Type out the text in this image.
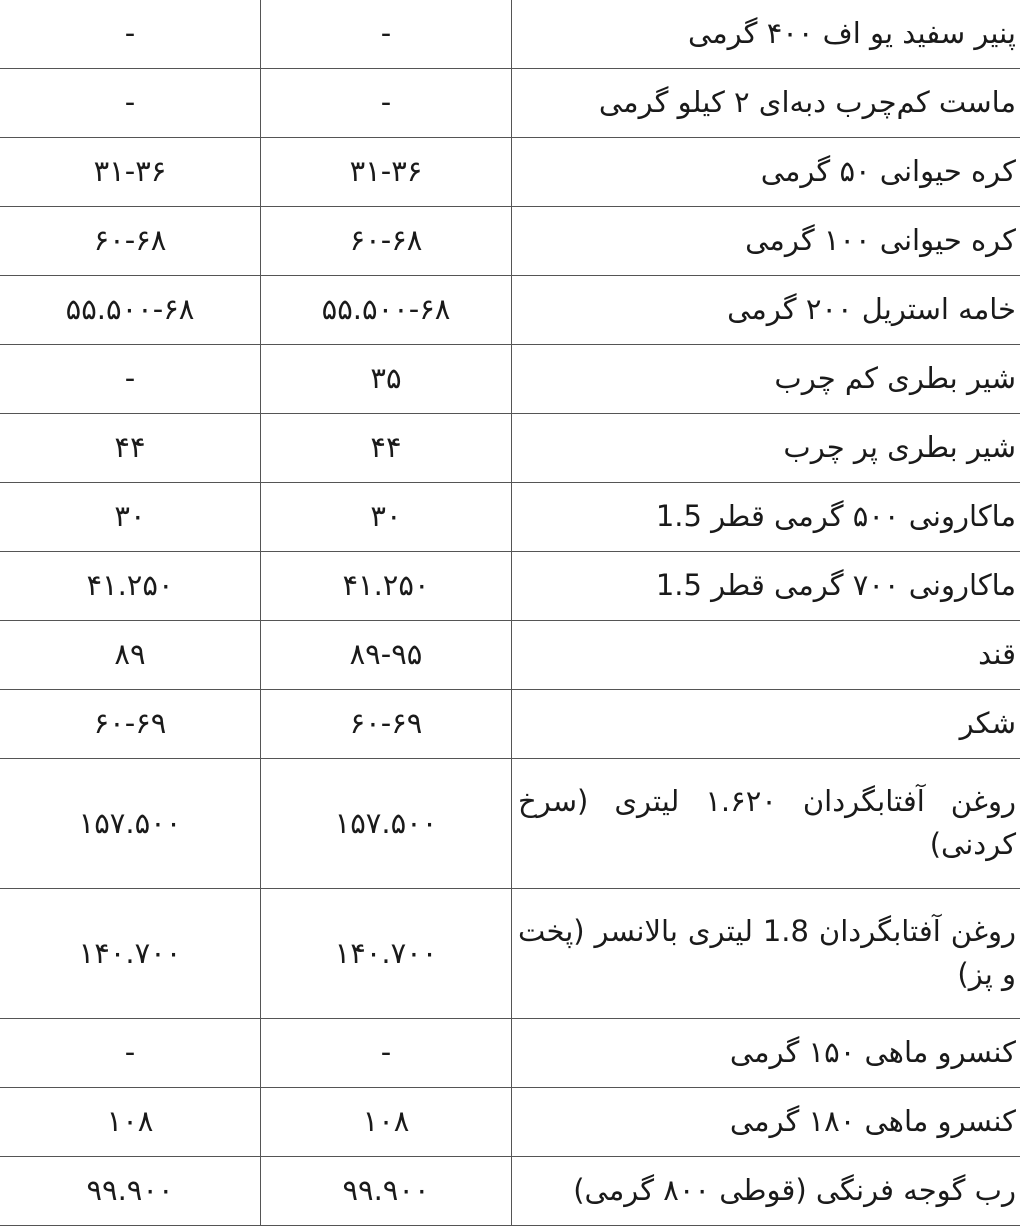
پنیر سفید یو اف ۴۰۰ گرمی	-	-
ماست کم‌چرب دبه‌ای ۲ کیلو گرمی	-	-
کره حیوانی ۵۰ گرمی	۳۱-۳۶	۳۱-۳۶
کره حیوانی ۱۰۰ گرمی	۶۰-۶۸	۶۰-۶۸
خامه استریل ۲۰۰ گرمی	۵۵.۵۰۰-۶۸	۵۵.۵۰۰-۶۸
شیر بطری کم چرب	۳۵	-
شیر بطری پر چرب	۴۴	۴۴
ماکارونی ۵۰۰ گرمی قطر 1.5	۳۰	۳۰
ماکارونی ۷۰۰ گرمی قطر 1.5	۴۱.۲۵۰	۴۱.۲۵۰
قند	۸۹-۹۵	۸۹
شکر	۶۰-۶۹	۶۰-۶۹
روغن آفتابگردان ۱.۶۲۰ لیتری (سرخ کردنی)	۱۵۷.۵۰۰	۱۵۷.۵۰۰
روغن آفتابگردان 1.8 لیتری بالانسر (پخت و پز)	۱۴۰.۷۰۰	۱۴۰.۷۰۰
کنسرو ماهی ۱۵۰ گرمی	-	-
کنسرو ماهی ۱۸۰ گرمی	۱۰۸	۱۰۸
رب گوجه فرنگی (قوطی ۸۰۰ گرمی)	۹۹.۹۰۰	۹۹.۹۰۰
